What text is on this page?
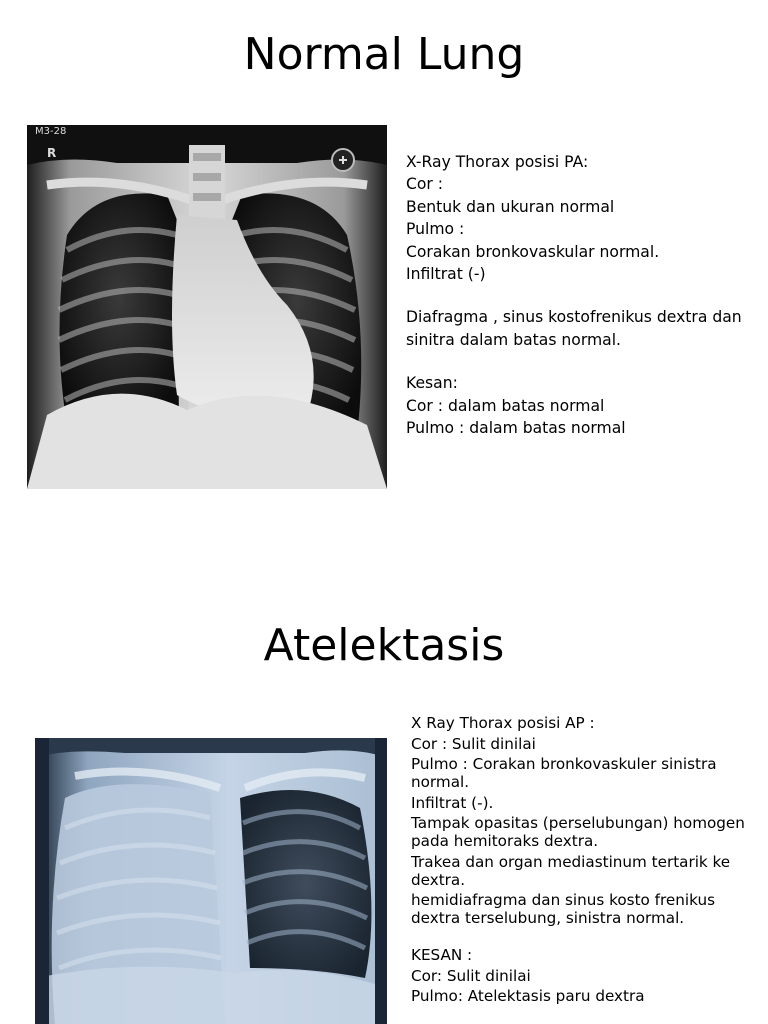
Normal Lung
M3-28
R	X-Ray Thorax posisi PA:
Cor :
Bentuk dan ukuran normal
Pulmo :
Corakan bronkovaskular normal.
Infiltrat (-)
Diafragma , sinus kostofrenikus dextra dan sinitra dalam batas normal.
Kesan:
Cor : dalam batas normal
Pulmo : dalam batas normal
Atelektasis
X Ray Thorax posisi AP :
Cor : Sulit dinilai
Pulmo : Corakan bronkovaskuler sinistra normal.
Infiltrat (-).
Tampak opasitas (perselubungan) homogen pada hemitoraks dextra.
Trakea dan organ mediastinum tertarik ke dextra.
hemidiafragma dan sinus kosto frenikus dextra terselubung, sinistra normal.
KESAN :
Cor: Sulit dinilai
Pulmo: Atelektasis paru dextra
